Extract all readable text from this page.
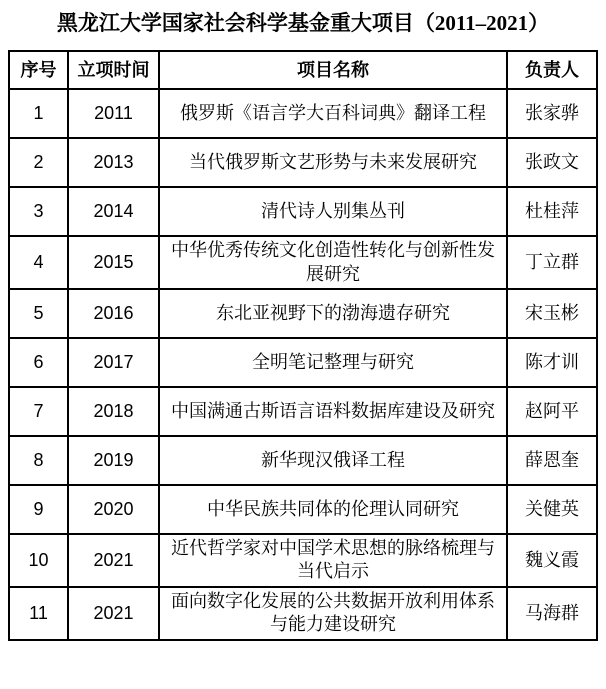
黑龙江大学国家社会科学基金重大项目（2011–2021）
序号	立项时间	项目名称	负责人
1	2011	俄罗斯《语言学大百科词典》翻译工程	张家骅
2	2013	当代俄罗斯文艺形势与未来发展研究	张政文
3	2014	清代诗人别集丛刊	杜桂萍
4	2015	中华优秀传统文化创造性转化与创新性发展研究	丁立群
5	2016	东北亚视野下的渤海遗存研究	宋玉彬
6	2017	全明笔记整理与研究	陈才训
7	2018	中国满通古斯语言语料数据库建设及研究	赵阿平
8	2019	新华现汉俄译工程	薛恩奎
9	2020	中华民族共同体的伦理认同研究	关健英
10	2021	近代哲学家对中国学术思想的脉络梳理与当代启示	魏义霞
11	2021	面向数字化发展的公共数据开放利用体系与能力建设研究	马海群
